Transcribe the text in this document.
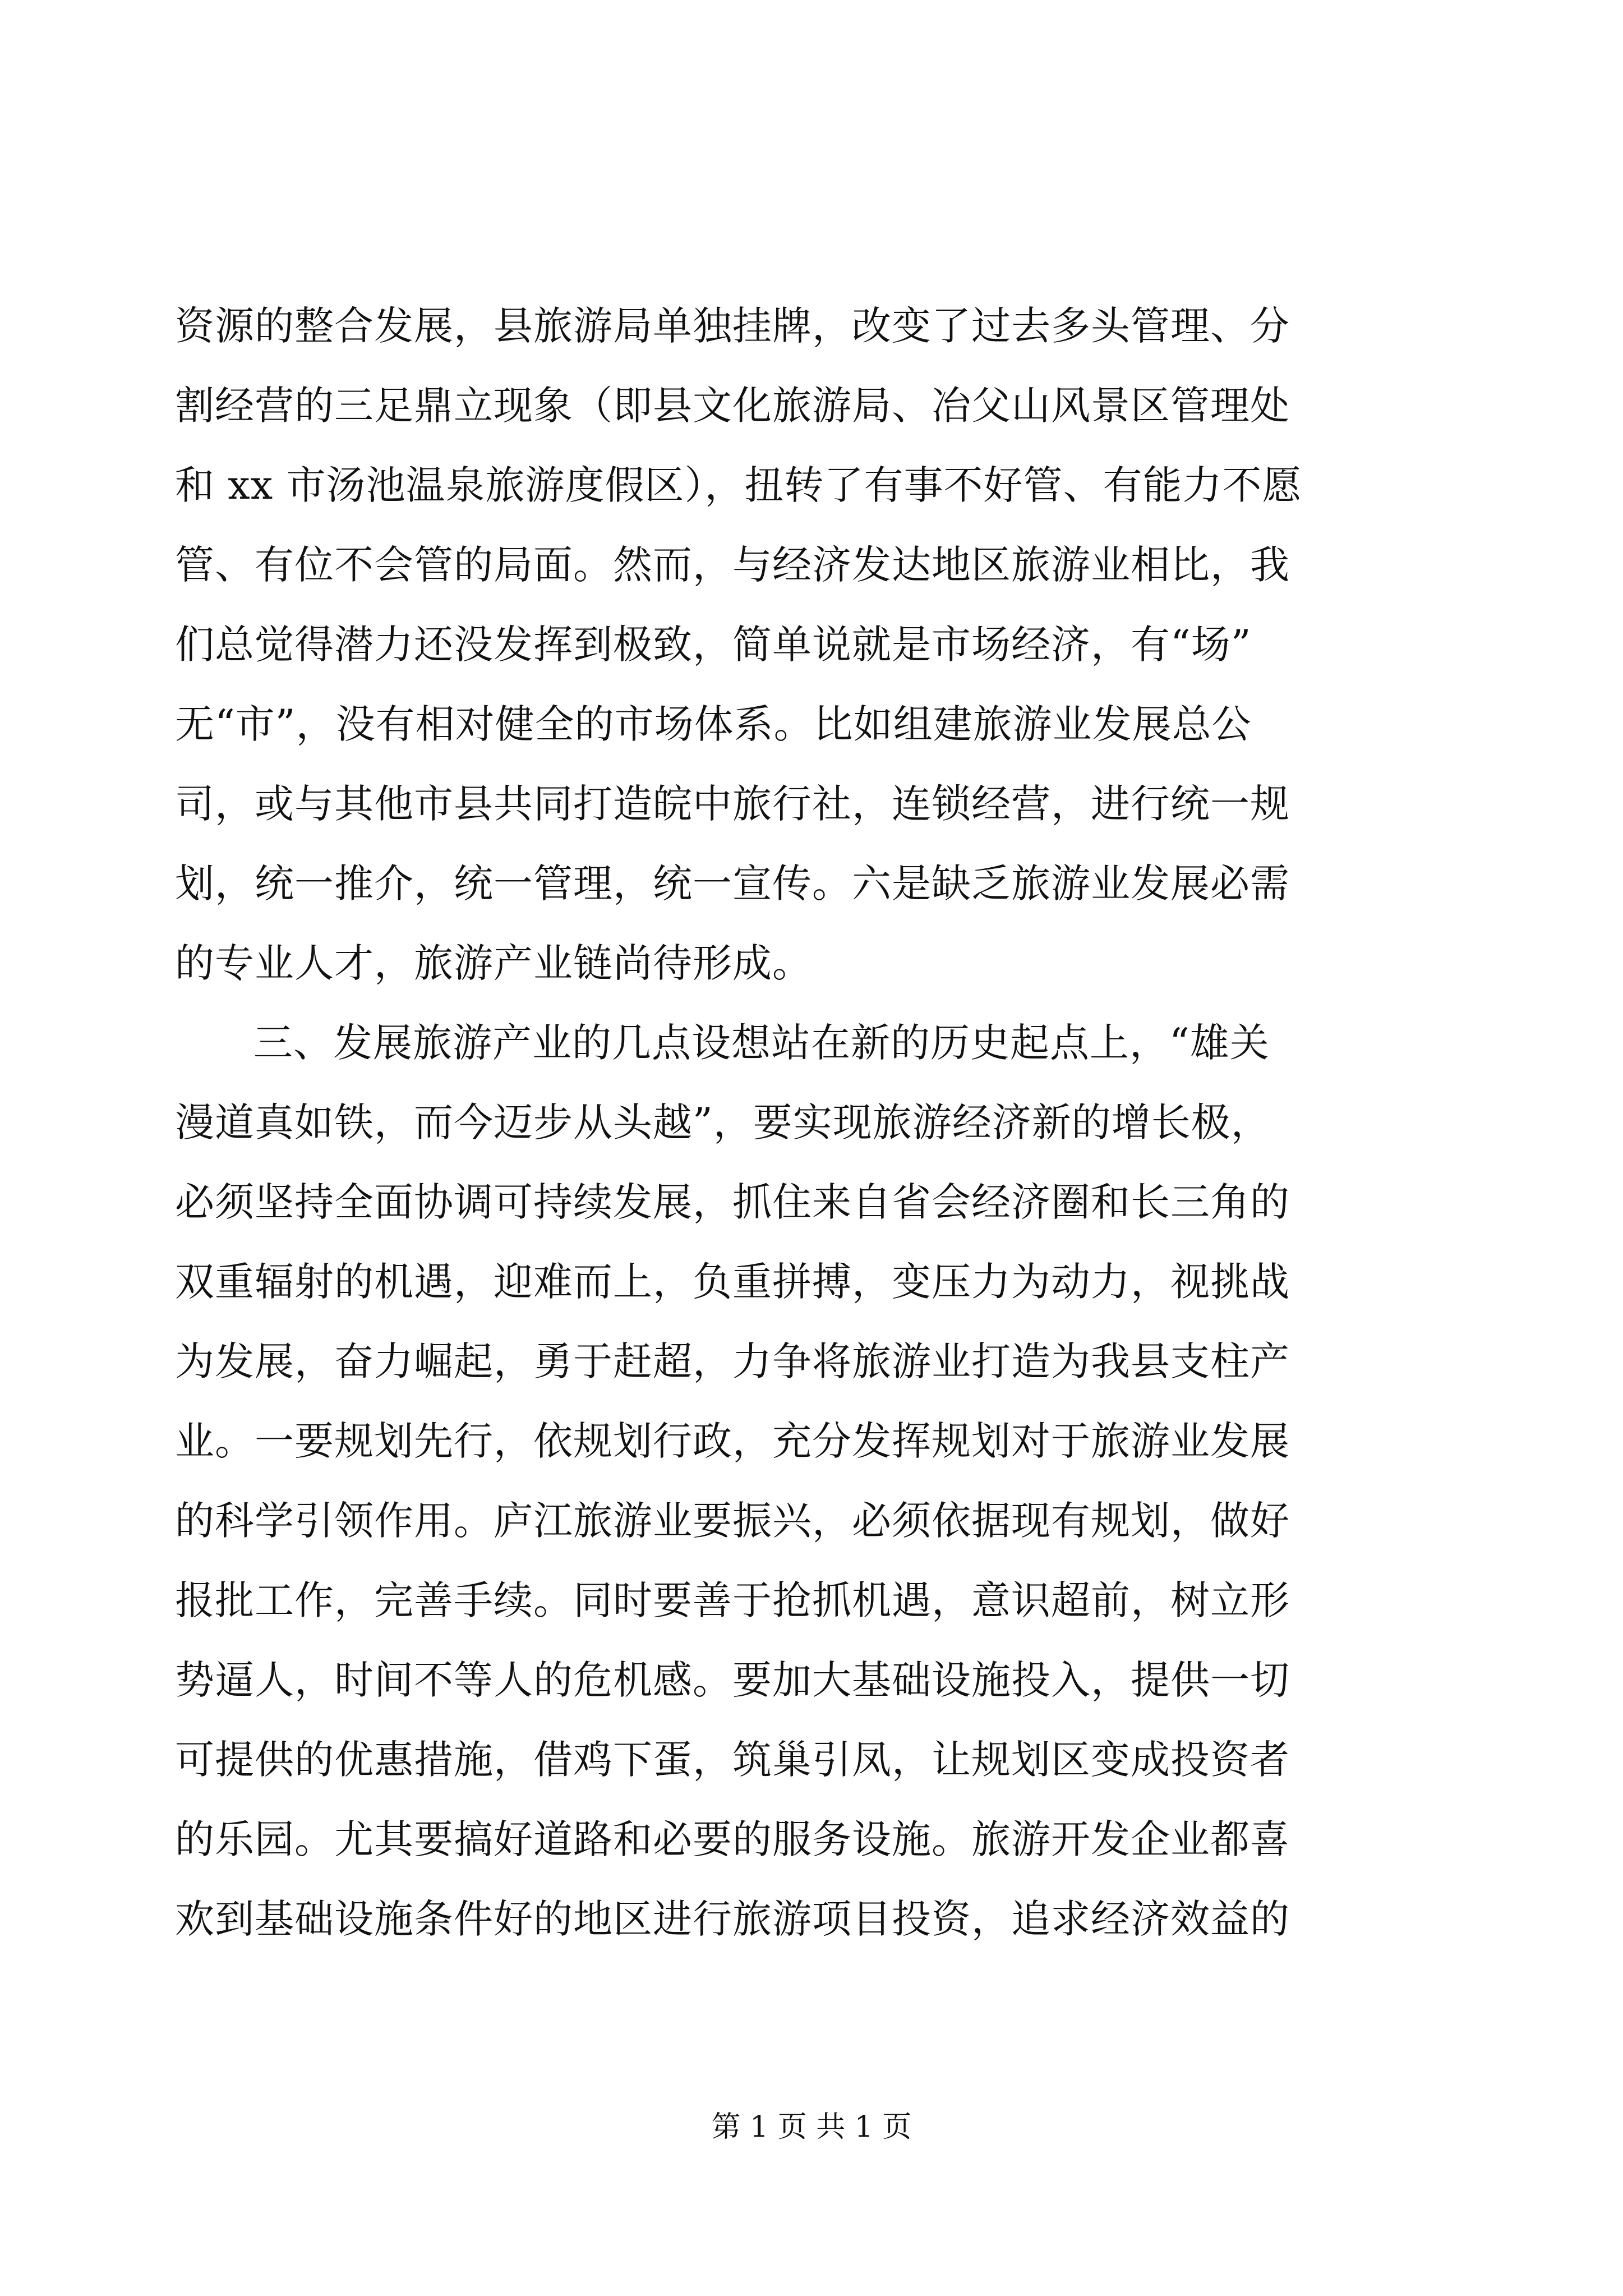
资源的整合发展，县旅游局单独挂牌，改变了过去多头管理、分
割经营的三足鼎立现象（即县文化旅游局、冶父山风景区管理处
和 xx 市汤池温泉旅游度假区），扭转了有事不好管、有能力不愿
管、有位不会管的局面。然而，与经济发达地区旅游业相比，我
们总觉得潜力还没发挥到极致，简单说就是市场经济，有“场”
无“市”，没有相对健全的市场体系。比如组建旅游业发展总公
司，或与其他市县共同打造皖中旅行社，连锁经营，进行统一规
划，统一推介，统一管理，统一宣传。六是缺乏旅游业发展必需
的专业人才，旅游产业链尚待形成。
三、发展旅游产业的几点设想站在新的历史起点上，“雄关
漫道真如铁，而今迈步从头越”，要实现旅游经济新的增长极，
必须坚持全面协调可持续发展，抓住来自省会经济圈和长三角的
双重辐射的机遇，迎难而上，负重拼搏，变压力为动力，视挑战
为发展，奋力崛起，勇于赶超，力争将旅游业打造为我县支柱产
业。一要规划先行，依规划行政，充分发挥规划对于旅游业发展
的科学引领作用。庐江旅游业要振兴，必须依据现有规划，做好
报批工作，完善手续。同时要善于抢抓机遇，意识超前，树立形
势逼人，时间不等人的危机感。要加大基础设施投入，提供一切
可提供的优惠措施，借鸡下蛋，筑巢引凤，让规划区变成投资者
的乐园。尤其要搞好道路和必要的服务设施。旅游开发企业都喜
欢到基础设施条件好的地区进行旅游项目投资，追求经济效益的
第 1 页 共 1 页
